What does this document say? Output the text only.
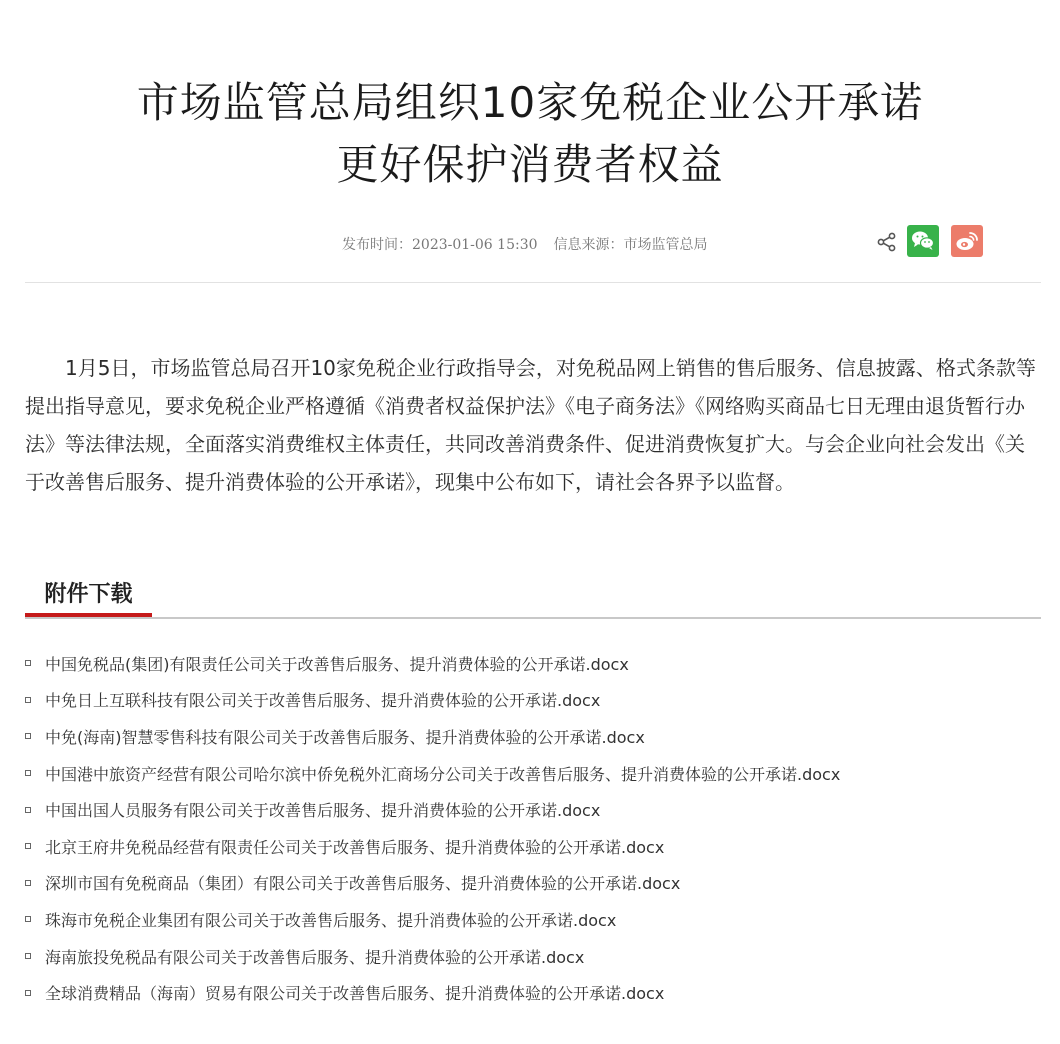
市场监管总局组织10家免税企业公开承诺
更好保护消费者权益
发布时间：2023-01-06 15:30 信息来源：市场监管总局

1月5日，市场监管总局召开10家免税企业行政指导会，对免税品网上销售的售后服务、信息披露、格式条款等提出指导意见，要求免税企业严格遵循《消费者权益保护法》《电子商务法》《网络购买商品七日无理由退货暂行办法》等法律法规，全面落实消费维权主体责任，共同改善消费条件、促进消费恢复扩大。与会企业向社会发出《关于改善售后服务、提升消费体验的公开承诺》，现集中公布如下，请社会各界予以监督。

附件下载
中国免税品(集团)有限责任公司关于改善售后服务、提升消费体验的公开承诺.docx
中免日上互联科技有限公司关于改善售后服务、提升消费体验的公开承诺.docx
中免(海南)智慧零售科技有限公司关于改善售后服务、提升消费体验的公开承诺.docx
中国港中旅资产经营有限公司哈尔滨中侨免税外汇商场分公司关于改善售后服务、提升消费体验的公开承诺.docx
中国出国人员服务有限公司关于改善售后服务、提升消费体验的公开承诺.docx
北京王府井免税品经营有限责任公司关于改善售后服务、提升消费体验的公开承诺.docx
深圳市国有免税商品（集团）有限公司关于改善售后服务、提升消费体验的公开承诺.docx
珠海市免税企业集团有限公司关于改善售后服务、提升消费体验的公开承诺.docx
海南旅投免税品有限公司关于改善售后服务、提升消费体验的公开承诺.docx
全球消费精品（海南）贸易有限公司关于改善售后服务、提升消费体验的公开承诺.docx
